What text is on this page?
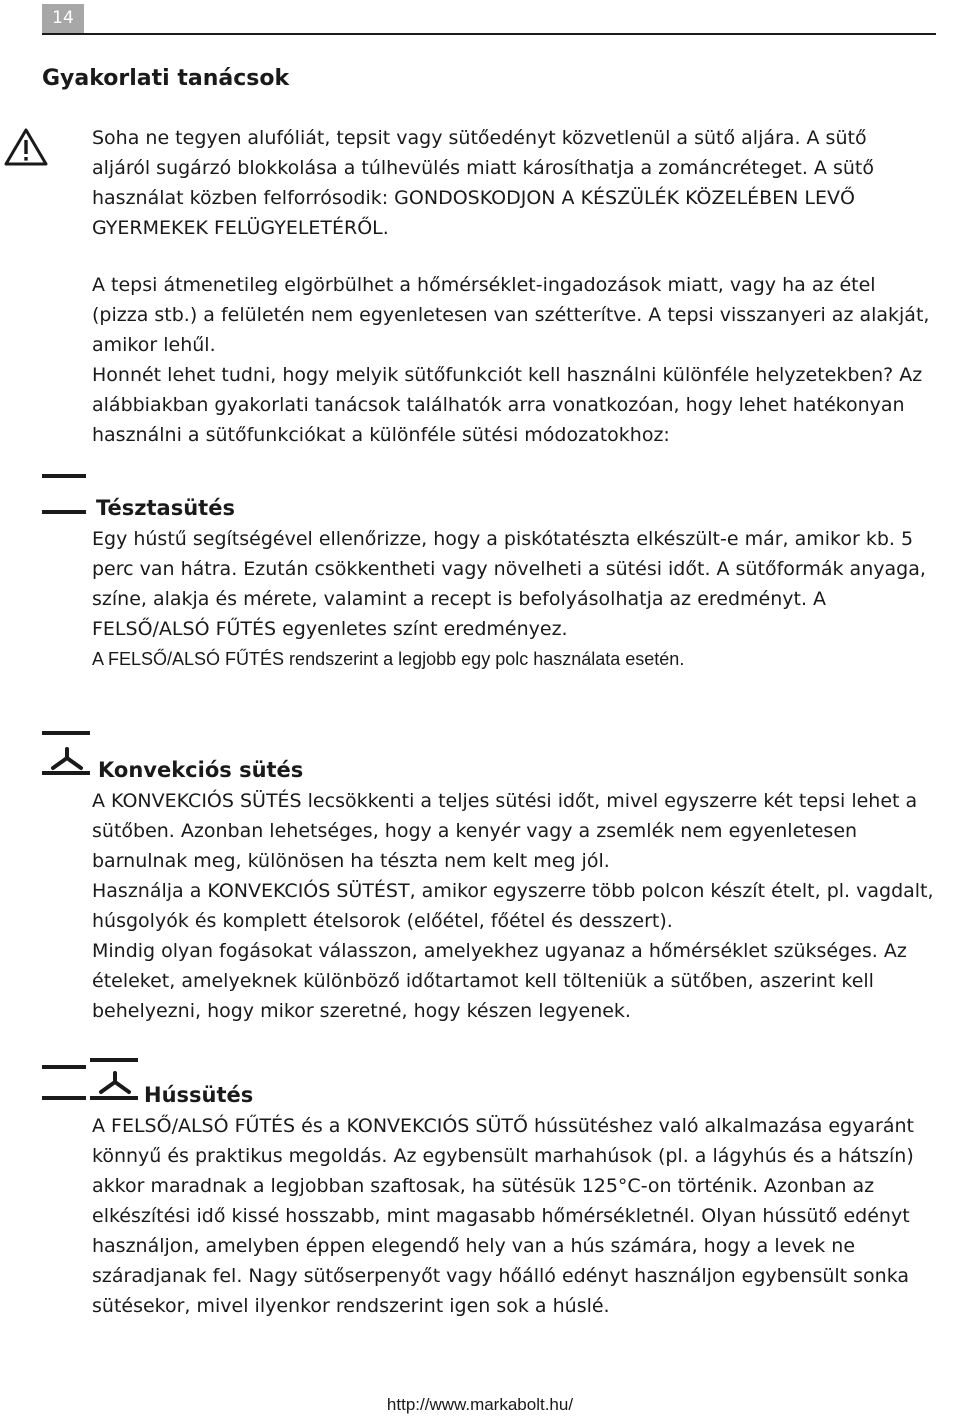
14
Gyakorlati tanácsok

Soha ne tegyen alufóliát, tepsit vagy sütőedényt közvetlenül a sütő aljára. A sütő

aljáról sugárzó blokkolása a túlhevülés miatt károsíthatja a zománcréteget. A sütő

használat közben felforrósodik: GONDOSKODJON A KÉSZÜLÉK KÖZELÉBEN LEVŐ

GYERMEKEK FELÜGYELETÉRŐL.

A tepsi átmenetileg elgörbülhet a hőmérséklet-ingadozások miatt, vagy ha az étel

(pizza stb.) a felületén nem egyenletesen van szétterítve. A tepsi visszanyeri az alakját,

amikor lehűl.

Honnét lehet tudni, hogy melyik sütőfunkciót kell használni különféle helyzetekben? Az

alábbiakban gyakorlati tanácsok találhatók arra vonatkozóan, hogy lehet hatékonyan

használni a sütőfunkciókat a különféle sütési módozatokhoz:

Tésztasütés

Egy hústű segítségével ellenőrizze, hogy a piskótatészta elkészült-e már, amikor kb. 5

perc van hátra. Ezután csökkentheti vagy növelheti a sütési időt. A sütőformák anyaga,

színe, alakja és mérete, valamint a recept is befolyásolhatja az eredményt. A

FELSŐ/ALSÓ FŰTÉS egyenletes színt eredményez.

A FELSŐ/ALSÓ FŰTÉS rendszerint a legjobb egy polc használata esetén.

Konvekciós sütés

A KONVEKCIÓS SÜTÉS lecsökkenti a teljes sütési időt, mivel egyszerre két tepsi lehet a

sütőben. Azonban lehetséges, hogy a kenyér vagy a zsemlék nem egyenletesen

barnulnak meg, különösen ha tészta nem kelt meg jól.

Használja a KONVEKCIÓS SÜTÉST, amikor egyszerre több polcon készít ételt, pl. vagdalt,

húsgolyók és komplett ételsorok (előétel, főétel és desszert).

Mindig olyan fogásokat válasszon, amelyekhez ugyanaz a hőmérséklet szükséges. Az

ételeket, amelyeknek különböző időtartamot kell tölteniük a sütőben, aszerint kell

behelyezni, hogy mikor szeretné, hogy készen legyenek.

Hússütés

A FELSŐ/ALSÓ FŰTÉS és a KONVEKCIÓS SÜTŐ hússütéshez való alkalmazása egyaránt

könnyű és praktikus megoldás. Az egybensült marhahúsok (pl. a lágyhús és a hátszín)

akkor maradnak a legjobban szaftosak, ha sütésük 125°C-on történik. Azonban az

elkészítési idő kissé hosszabb, mint magasabb hőmérsékletnél. Olyan hússütő edényt

használjon, amelyben éppen elegendő hely van a hús számára, hogy a levek ne

száradjanak fel. Nagy sütőserpenyőt vagy hőálló edényt használjon egybensült sonka

sütésekor, mivel ilyenkor rendszerint igen sok a húslé.

http://www.markabolt.hu/
